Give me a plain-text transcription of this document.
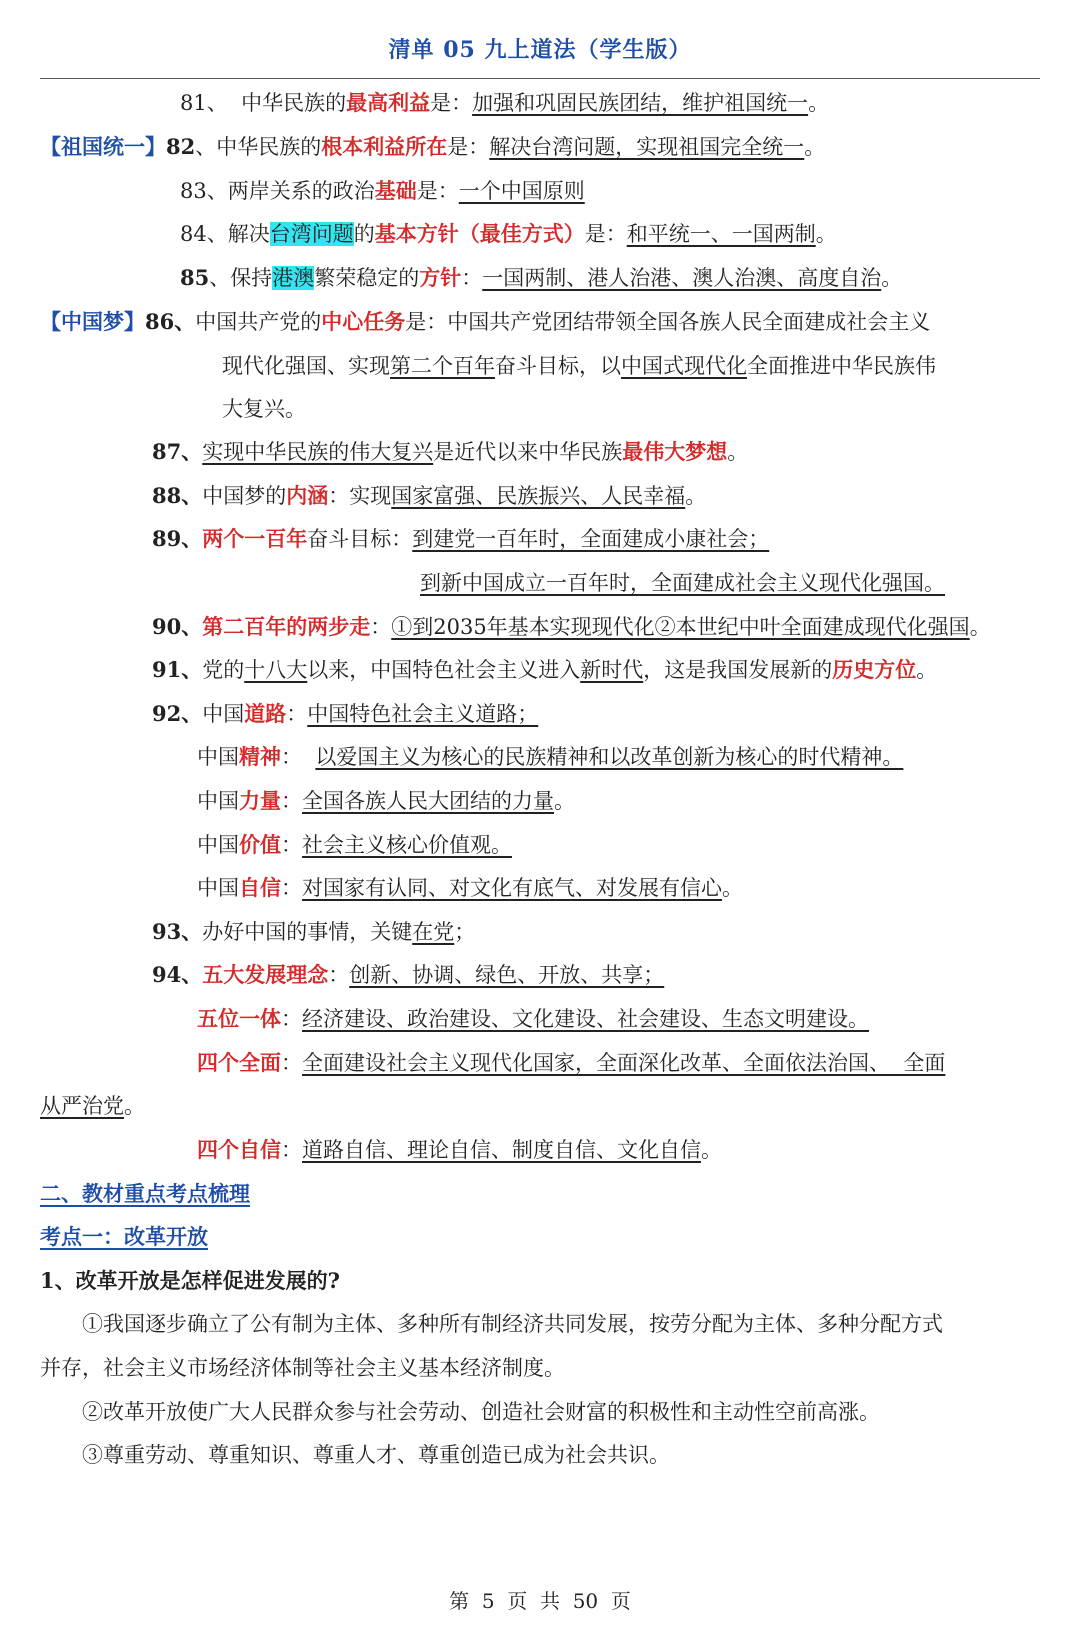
清单 05 九上道法（学生版）
81、 中华民族的最高利益是：加强和巩固民族团结，维护祖国统一。
【祖国统一】82、中华民族的根本利益所在是：解决台湾问题，实现祖国完全统一。
83、两岸关系的政治基础是：一个中国原则
84、解决台湾问题的基本方针（最佳方式）是：和平统一、一国两制。
85、保持港澳繁荣稳定的方针：一国两制、港人治港、澳人治澳、高度自治。
【中国梦】86、中国共产党的中心任务是：中国共产党团结带领全国各族人民全面建成社会主义
现代化强国、实现第二个百年奋斗目标，以中国式现代化全面推进中华民族伟
大复兴。
87、实现中华民族的伟大复兴是近代以来中华民族最伟大梦想。
88、中国梦的内涵：实现国家富强、民族振兴、人民幸福。
89、两个一百年奋斗目标：到建党一百年时，全面建成小康社会；
到新中国成立一百年时，全面建成社会主义现代化强国。
90、第二百年的两步走：①到2035年基本实现现代化②本世纪中叶全面建成现代化强国。
91、党的十八大以来，中国特色社会主义进入新时代，这是我国发展新的历史方位。
92、中国道路：中国特色社会主义道路；
中国精神：  以爱国主义为核心的民族精神和以改革创新为核心的时代精神。
中国力量：全国各族人民大团结的力量。
中国价值：社会主义核心价值观。
中国自信：对国家有认同、对文化有底气、对发展有信心。
93、办好中国的事情，关键在党；
94、五大发展理念：创新、协调、绿色、开放、共享；
五位一体：经济建设、政治建设、文化建设、社会建设、生态文明建设。
四个全面：全面建设社会主义现代化国家，全面深化改革、全面依法治国、  全面
从严治党。
四个自信：道路自信、理论自信、制度自信、文化自信。
二、教材重点考点梳理
考点一：改革开放
1、改革开放是怎样促进发展的?
①我国逐步确立了公有制为主体、多种所有制经济共同发展，按劳分配为主体、多种分配方式
并存，社会主义市场经济体制等社会主义基本经济制度。
②改革开放使广大人民群众参与社会劳动、创造社会财富的积极性和主动性空前高涨。
③尊重劳动、尊重知识、尊重人才、尊重创造已成为社会共识。
第  5  页  共  50  页
